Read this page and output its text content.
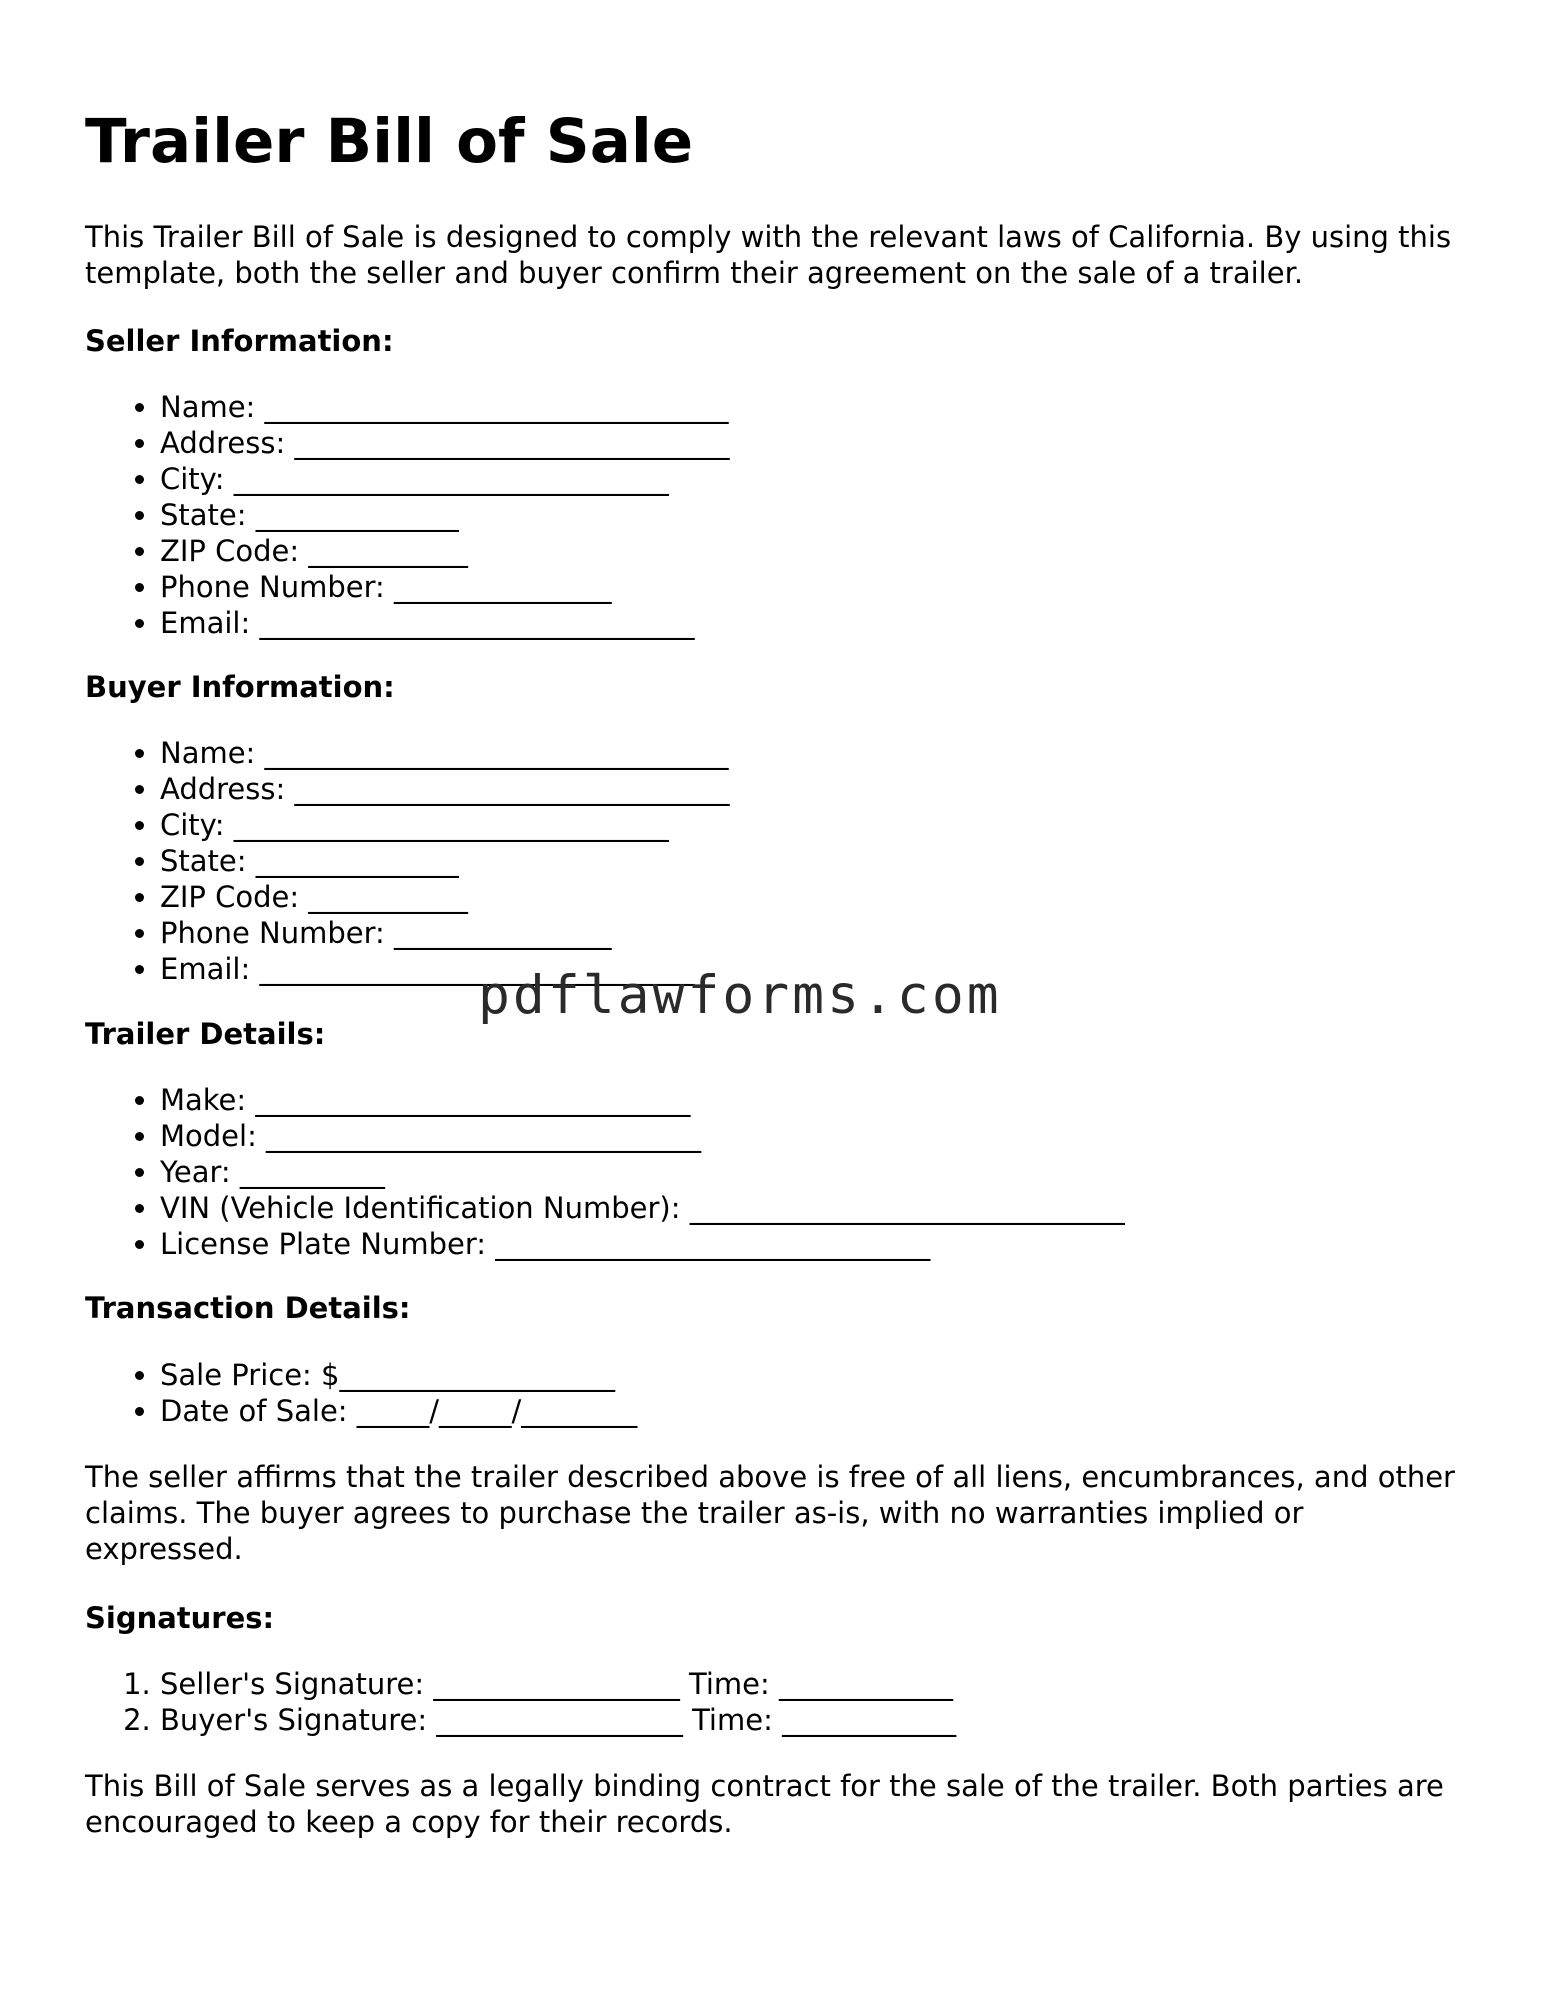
Trailer Bill of Sale

This Trailer Bill of Sale is designed to comply with the relevant laws of California. By using this template, both the seller and buyer confirm their agreement on the sale of a trailer.

Seller Information:
• Name: ________________________________
• Address: ______________________________
• City: ______________________________
• State: ______________
• ZIP Code: ___________
• Phone Number: _______________
• Email: ______________________________
Buyer Information:
• Name: ________________________________
• Address: ______________________________
• City: ______________________________
• State: ______________
• ZIP Code: ___________
• Phone Number: _______________
• Email: ______________________________
Trailer Details:
• Make: ______________________________
• Model: ______________________________
• Year: __________
• VIN (Vehicle Identification Number): ______________________________
• License Plate Number: ______________________________
Transaction Details:
• Sale Price: $___________________
• Date of Sale: _____/_____/________

The seller affirms that the trailer described above is free of all liens, encumbrances, and other claims. The buyer agrees to purchase the trailer as-is, with no warranties implied or expressed.

Signatures:
1. Seller's Signature: _________________ Time: ____________
2. Buyer's Signature: _________________ Time: ____________

This Bill of Sale serves as a legally binding contract for the sale of the trailer. Both parties are encouraged to keep a copy for their records.

pdflawforms.com
